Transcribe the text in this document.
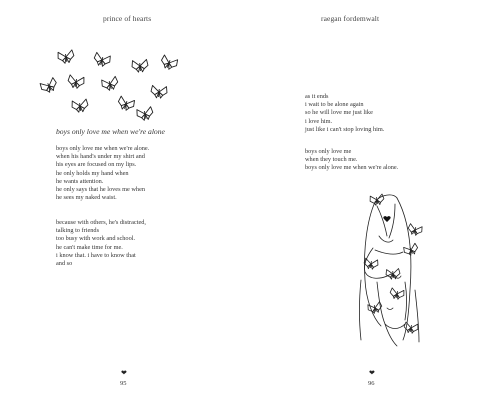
prince of hearts
boys only love me when we're alone
boys only love me when we're alone.
when his hand's under my shirt and
his eyes are focused on my lips.
he only holds my hand when
he wants attention.
he only says that he loves me when
he sees my naked waist.
because with others, he's distracted,
talking to friends
too busy with work and school.
he can't make time for me.
i know that. i have to know that
and so
❤
95
raegan fordemwalt
as it ends
i wait to be alone again
so he will love me just like
i love him.
just like i can't stop loving him.
boys only love me
when they touch me.
boys only love me when we're alone.
❤
96
